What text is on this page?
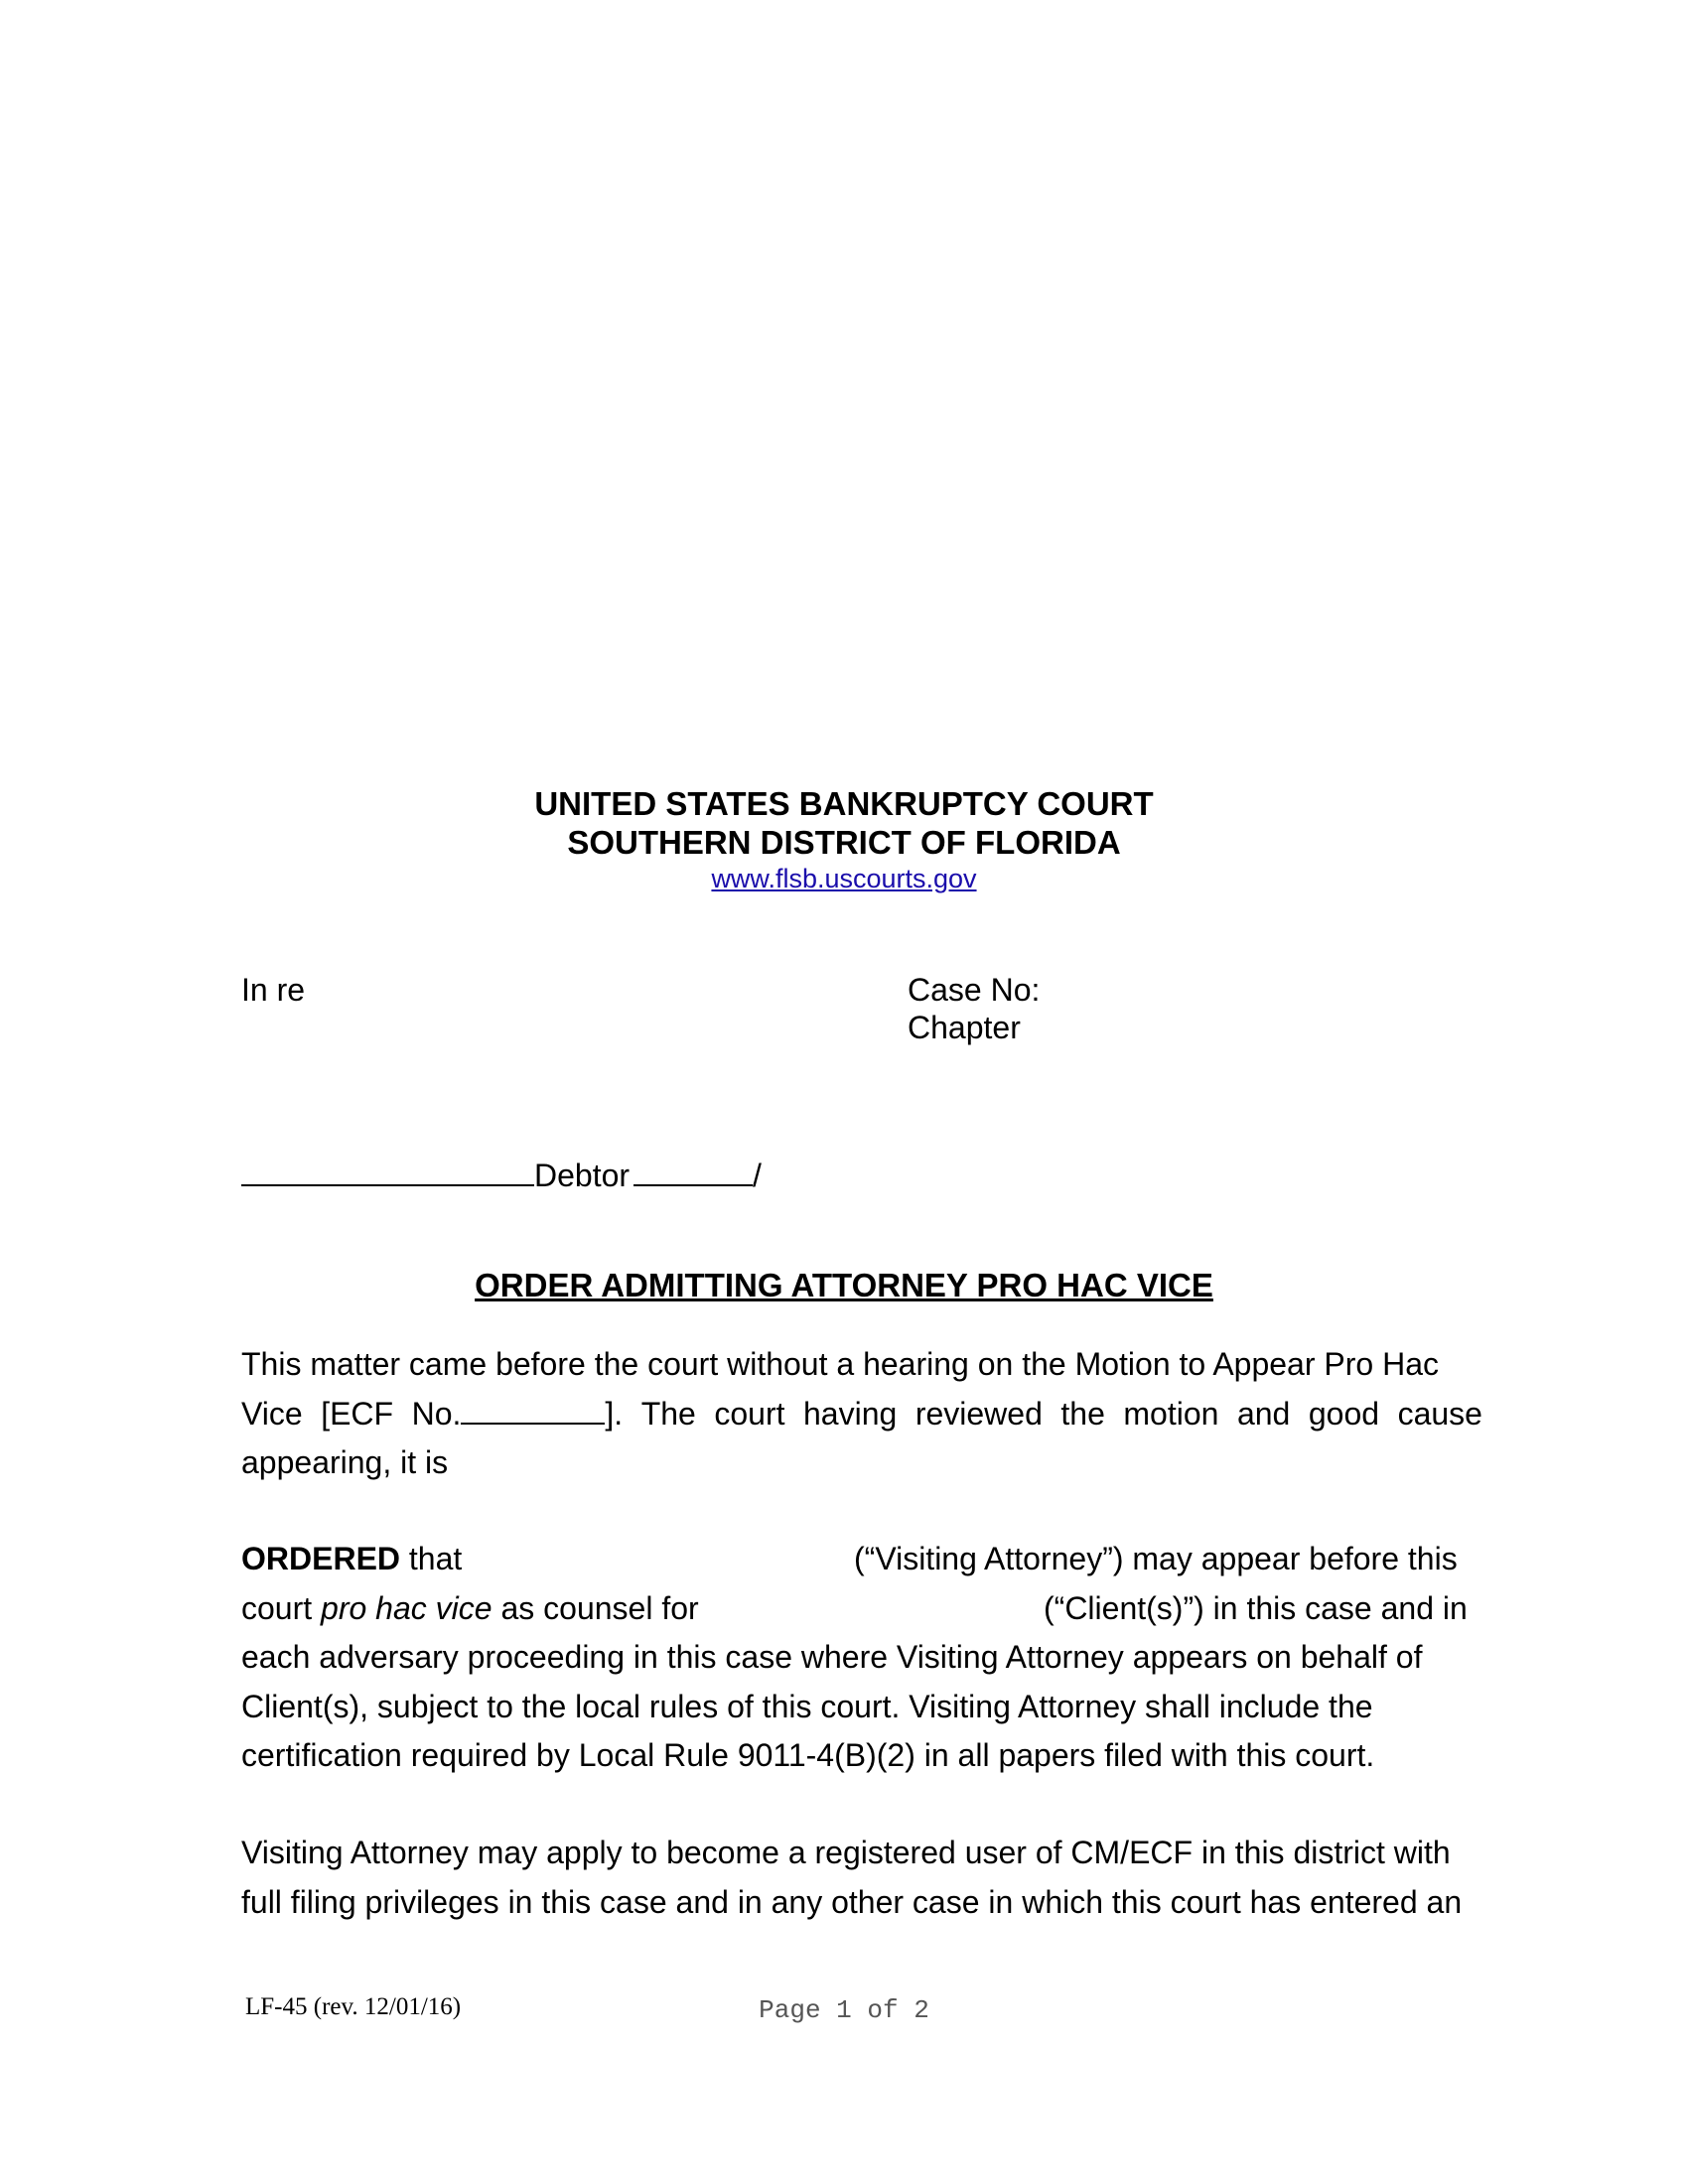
UNITED STATES BANKRUPTCY COURT
SOUTHERN DISTRICT OF FLORIDA
www.flsb.uscourts.gov
In re	Case No:
Chapter
Debtor	/
ORDER ADMITTING ATTORNEY PRO HAC VICE
This matter came before the court without a hearing on the Motion to Appear Pro Hac
Vice [ECF No.	]. The court having reviewed the motion and good cause
appearing, it is
ORDERED that	(“Visiting Attorney”) may appear before this
court pro hac vice as counsel for	(“Client(s)”) in this case and in
each adversary proceeding in this case where Visiting Attorney appears on behalf of
Client(s), subject to the local rules of this court. Visiting Attorney shall include the
certification required by Local Rule 9011-4(B)(2) in all papers filed with this court.
Visiting Attorney may apply to become a registered user of CM/ECF in this district with
full filing privileges in this case and in any other case in which this court has entered an
LF-45 (rev. 12/01/16)	Page 1 of 2
